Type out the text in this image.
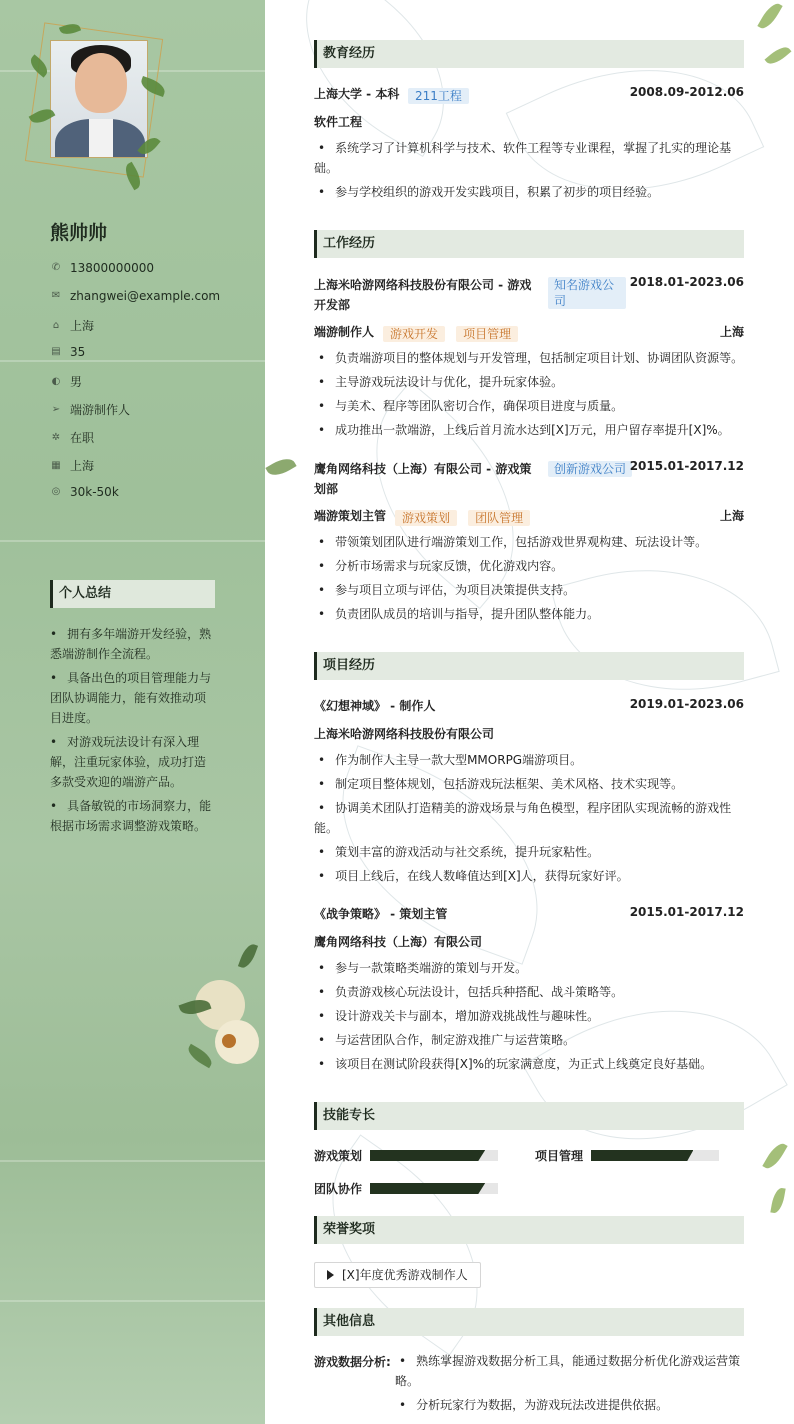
熊帅帅
✆ 13800000000
✉ zhangwei@example.com
⌂ 上海
▤ 35
◐ 男
➢ 端游制作人
✲ 在职
▦ 上海
◎ 30k-50k
个人总结
• 拥有多年端游开发经验，熟悉端游制作全流程。
• 具备出色的项目管理能力与团队协调能力，能有效推动项目进度。
• 对游戏玩法设计有深入理解，注重玩家体验，成功打造多款受欢迎的端游产品。
• 具备敏锐的市场洞察力，能根据市场需求调整游戏策略。
教育经历
上海大学 - 本科	211工程	2008.09-2012.06
软件工程
• 系统学习了计算机科学与技术、软件工程等专业课程，掌握了扎实的理论基础。
• 参与学校组织的游戏开发实践项目，积累了初步的项目经验。
工作经历
上海米哈游网络科技股份有限公司 - 游戏开发部
知名游戏公司
2018.01-2023.06
端游制作人	游戏开发 项目管理	上海
• 负责端游项目的整体规划与开发管理，包括制定项目计划、协调团队资源等。
• 主导游戏玩法设计与优化，提升玩家体验。
• 与美术、程序等团队密切合作，确保项目进度与质量。
• 成功推出一款端游，上线后首月流水达到[X]万元，用户留存率提升[X]%。
鹰角网络科技（上海）有限公司 - 游戏策划部
创新游戏公司 2015.01-2017.12
端游策划主管	游戏策划 团队管理	上海
• 带领策划团队进行端游策划工作，包括游戏世界观构建、玩法设计等。
• 分析市场需求与玩家反馈，优化游戏内容。
• 参与项目立项与评估，为项目决策提供支持。
• 负责团队成员的培训与指导，提升团队整体能力。
项目经历
《幻想神域》 - 制作人	2019.01-2023.06
上海米哈游网络科技股份有限公司
• 作为制作人主导一款大型MMORPG端游项目。
• 制定项目整体规划，包括游戏玩法框架、美术风格、技术实现等。
• 协调美术团队打造精美的游戏场景与角色模型，程序团队实现流畅的游戏性能。
• 策划丰富的游戏活动与社交系统，提升玩家粘性。
• 项目上线后，在线人数峰值达到[X]人，获得玩家好评。
《战争策略》 - 策划主管	2015.01-2017.12
鹰角网络科技（上海）有限公司
• 参与一款策略类端游的策划与开发。
• 负责游戏核心玩法设计，包括兵种搭配、战斗策略等。
• 设计游戏关卡与副本，增加游戏挑战性与趣味性。
• 与运营团队合作，制定游戏推广与运营策略。
• 该项目在测试阶段获得[X]%的玩家满意度，为正式上线奠定良好基础。
技能专长
游戏策划	项目管理
团队协作
荣誉奖项
[X]年度优秀游戏制作人
其他信息
游戏数据分析:
•	熟练掌握游戏数据分析工具，能通过数据分析优化游戏运营策略。
• 分析玩家行为数据，为游戏玩法改进提供依据。
